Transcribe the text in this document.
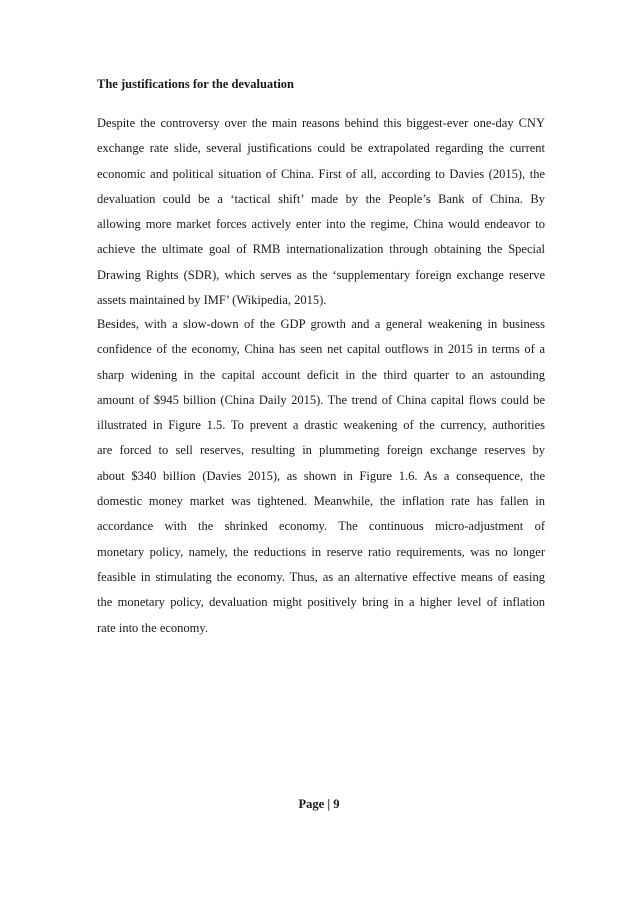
The justifications for the devaluation
Despite the controversy over the main reasons behind this biggest-ever one-day CNY
exchange rate slide, several justifications could be extrapolated regarding the current
economic and political situation of China. First of all, according to Davies (2015), the
devaluation could be a ‘tactical shift’ made by the People’s Bank of China. By
allowing more market forces actively enter into the regime, China would endeavor to
achieve the ultimate goal of RMB internationalization through obtaining the Special
Drawing Rights (SDR), which serves as the ‘supplementary foreign exchange reserve
assets maintained by IMF’ (Wikipedia, 2015).
Besides, with a slow-down of the GDP growth and a general weakening in business
confidence of the economy, China has seen net capital outflows in 2015 in terms of a
sharp widening in the capital account deficit in the third quarter to an astounding
amount of $945 billion (China Daily 2015). The trend of China capital flows could be
illustrated in Figure 1.5. To prevent a drastic weakening of the currency, authorities
are forced to sell reserves, resulting in plummeting foreign exchange reserves by
about $340 billion (Davies 2015), as shown in Figure 1.6. As a consequence, the
domestic money market was tightened. Meanwhile, the inflation rate has fallen in
accordance with the shrinked economy. The continuous micro-adjustment of
monetary policy, namely, the reductions in reserve ratio requirements, was no longer
feasible in stimulating the economy. Thus, as an alternative effective means of easing
the monetary policy, devaluation might positively bring in a higher level of inflation
rate into the economy.
Page | 9
